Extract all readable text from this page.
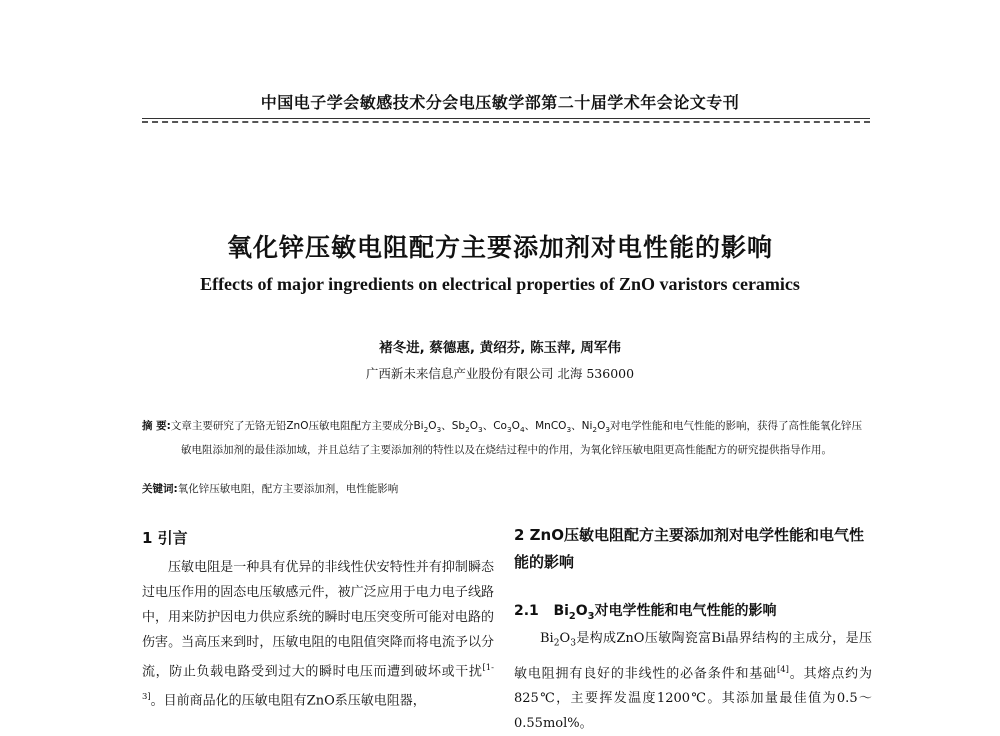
中国电子学会敏感技术分会电压敏学部第二十届学术年会论文专刊
氧化锌压敏电阻配方主要添加剂对电性能的影响
Effects of major ingredients on electrical properties of ZnO varistors ceramics
褚冬进, 蔡德惠, 黄绍芬, 陈玉萍, 周军伟
广西新未来信息产业股份有限公司 北海 536000
摘 要:文章主要研究了无铬无铅ZnO压敏电阻配方主要成分$Bi_2O_3$、$Sb_2O_3$、$Co_3O_4$、MnCO$_3$、$Ni_2O_3$对电学性能和电气性能的影响，获得了高性能氧化锌压敏电阻添加剂的最佳添加域，并且总结了主要添加剂的特性以及在烧结过程中的作用，为氧化锌压敏电阻更高性能配方的研究提供指导作用。
关键词:氧化锌压敏电阻，配方主要添加剂，电性能影响
1 引言
压敏电阻是一种具有优异的非线性伏安特性并有抑制瞬态过电压作用的固态电压敏感元件，被广泛应用于电力电子线路中，用来防护因电力供应系统的瞬时电压突变所可能对电路的伤害。当高压来到时，压敏电阻的电阻值突降而将电流予以分流，防止负载电路受到过大的瞬时电压而遭到破坏或干扰[1-3]。目前商品化的压敏电阻有ZnO系压敏电阻器，
2 ZnO压敏电阻配方主要添加剂对电学性能和电气性能的影响
2.1 $Bi_2O_3$对电学性能和电气性能的影响
$Bi_2O_3$是构成ZnO压敏陶瓷富Bi晶界结构的主成分，是压敏电阻拥有良好的非线性的必备条件和基础[4]。其熔点约为825℃，主要挥发温度1200℃。其添加量最佳值为0.5～0.55mol%。
